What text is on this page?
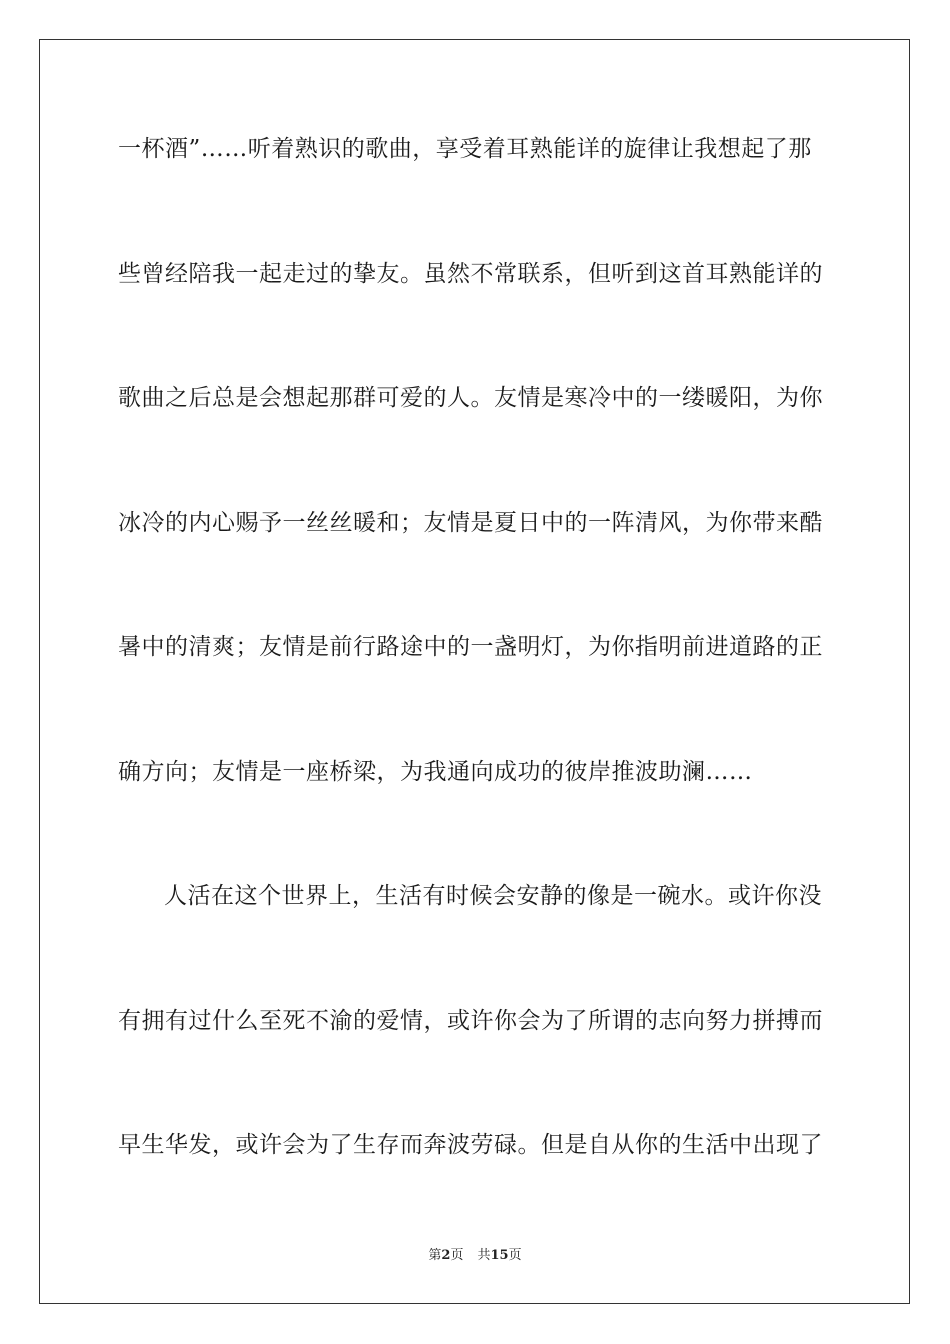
一杯酒”……听着熟识的歌曲，享受着耳熟能详的旋律让我想起了那
些曾经陪我一起走过的挚友。虽然不常联系，但听到这首耳熟能详的
歌曲之后总是会想起那群可爱的人。友情是寒冷中的一缕暖阳，为你
冰冷的内心赐予一丝丝暖和；友情是夏日中的一阵清风，为你带来酷
暑中的清爽；友情是前行路途中的一盏明灯，为你指明前进道路的正
确方向；友情是一座桥梁，为我通向成功的彼岸推波助澜……
人活在这个世界上，生活有时候会安静的像是一碗水。或许你没
有拥有过什么至死不渝的爱情，或许你会为了所谓的志向努力拼搏而
早生华发，或许会为了生存而奔波劳碌。但是自从你的生活中出现了
第2页 共15页
